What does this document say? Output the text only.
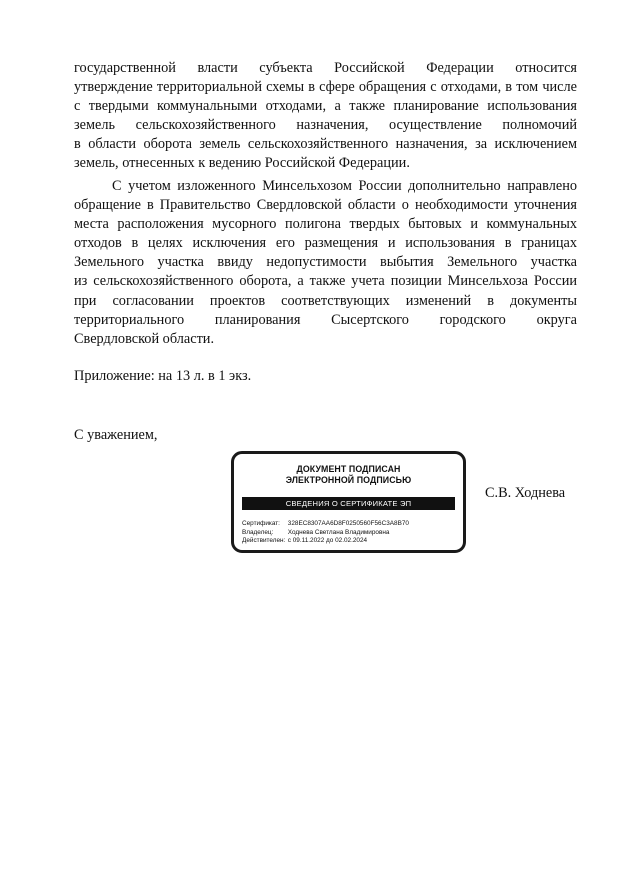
государственной власти субъекта Российской Федерации относится
утверждение территориальной схемы в сфере обращения с отходами, в том числе
с твердыми коммунальными отходами, а также планирование использования
земель сельскохозяйственного назначения, осуществление полномочий
в области оборота земель сельскохозяйственного назначения, за исключением
земель, отнесенных к ведению Российской Федерации.
С учетом изложенного Минсельхозом России дополнительно направлено
обращение в Правительство Свердловской области о необходимости уточнения
места расположения мусорного полигона твердых бытовых и коммунальных
отходов в целях исключения его размещения и использования в границах
Земельного участка ввиду недопустимости выбытия Земельного участка
из сельскохозяйственного оборота, а также учета позиции Минсельхоза России
при согласовании проектов соответствующих изменений в документы
территориального планирования Сысертского городского округа
Свердловской области.
Приложение: на 13 л. в 1 экз.
С уважением,
ДОКУМЕНТ ПОДПИСАН
ЭЛЕКТРОННОЙ ПОДПИСЬЮ
СВЕДЕНИЯ О СЕРТИФИКАТЕ ЭП
Сертификат: 328EC8307AA6D8F0250560F56C3A8B70
Владелец: Ходнева Светлана Владимировна
Действителен: с 09.11.2022 до 02.02.2024
С.В. Ходнева
